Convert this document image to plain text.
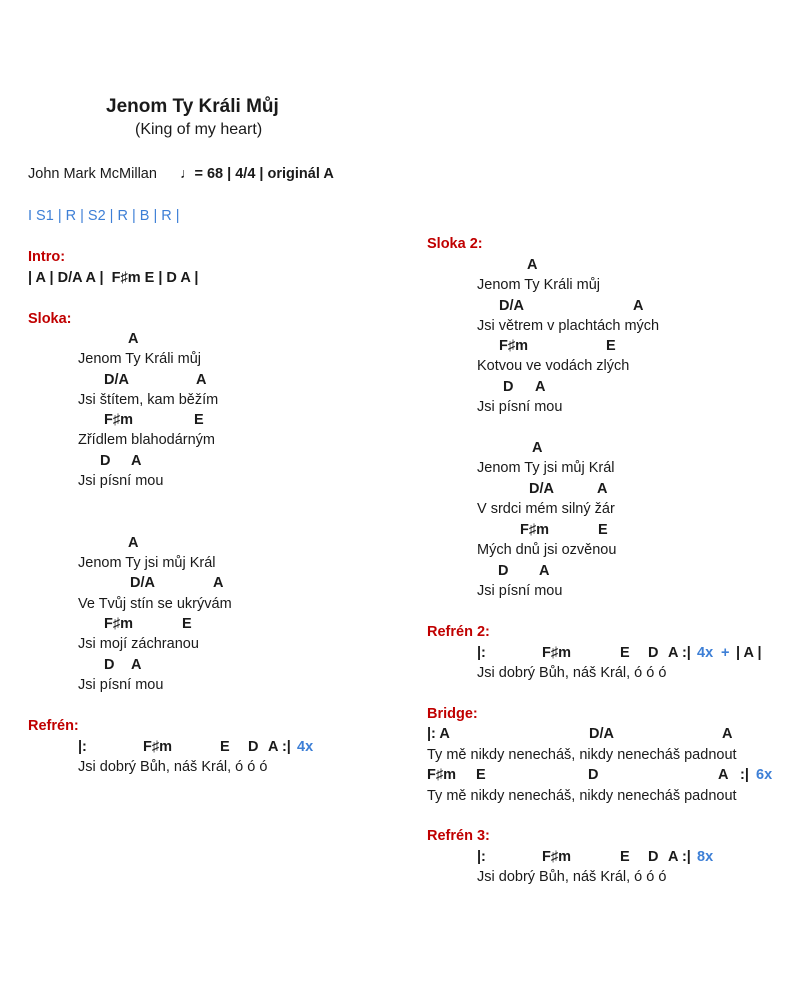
Jenom Ty Králi Můj
(King of my heart)
John Mark McMillan ♩= 68 | 4/4 | originál A
I S1 | R | S2 | R | B | R |
Intro:
| A | D/A A |  F♯m E | D A |
Sloka:
A
Jenom Ty Králi můj
D/A	A
Jsi štítem, kam běžím
F♯m	E
Zřídlem blahodárným
D A
Jsi písní mou
A
Jenom Ty jsi můj Král
D/A	A
Ve Tvůj stín se ukrývám
F♯m	E
Jsi mojí záchranou
D A
Jsi písní mou
Refrén:
|:	F♯m	E D A :| 4x
Jsi dobrý Bůh, náš Král, ó ó ó
Sloka 2:
A
Jenom Ty Králi můj
D/A	A
Jsi větrem v plachtách mých
F♯m	E
Kotvou ve vodách zlých
D A
Jsi písní mou
A
Jenom Ty jsi můj Král
D/A	A
V srdci mém silný žár
F♯m	E
Mých dnů jsi ozvěnou
D A
Jsi písní mou
Refrén 2:
|:	F♯m	E D A :| 4x + | A |
Jsi dobrý Bůh, náš Král, ó ó ó
Bridge:
|: A	D/A	A
Ty mě nikdy nenecháš, nikdy nenecháš padnout
F♯m E	D	A   :| 6x
Ty mě nikdy nenecháš, nikdy nenecháš padnout
Refrén 3:
|:	F♯m	E D A :| 8x
Jsi dobrý Bůh, náš Král, ó ó ó
